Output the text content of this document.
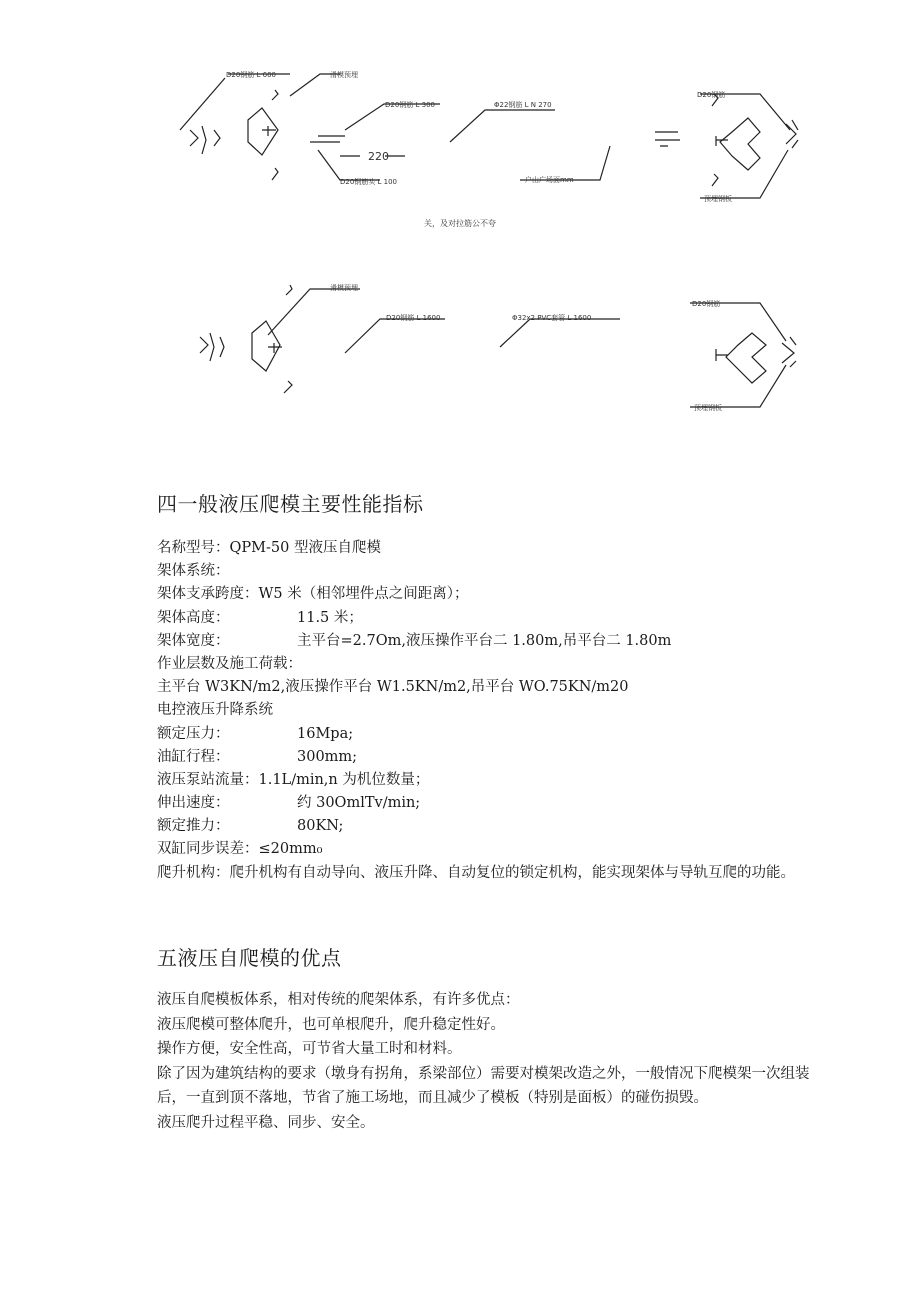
D20钢筋 L 600	滑模预埋
D20钢筋 L 300	Φ22钢筋 L N 270
D20钢筋
D20钢筋头 L 100
220
户山广场面mm
预埋钢板
关，及对拉筋公不夸
滑模预埋
D20钢筋 L 1600	Φ32x2 PVC套管 L 1600
D20钢筋
预埋钢板
四一般液压爬模主要性能指标
名称型号：QPM-50 型液压自爬模
架体系统：
架体支承跨度：W5 米（相邻埋件点之间距离）；
架体高度：	11.5 米；
架体宽度：	主平台=2.7Om,液压操作平台二 1.80m,吊平台二 1.80m
作业层数及施工荷载：
主平台 W3KN/m2,液压操作平台 W1.5KN/m2,吊平台 WO.75KN∕m20
电控液压升降系统
额定压力：	16Mpa;
油缸行程：	300mm;
液压泵站流量：1.1L∕min,n 为机位数量；
伸出速度：	约 30OmlTv∕min;
额定推力：	80KN;
双缸同步误差：≤20mm₀
爬升机构：爬升机构有自动导向、液压升降、自动复位的锁定机构，能实现架体与导轨互爬的功能。
五液压自爬模的优点
液压自爬模板体系，相对传统的爬架体系，有许多优点：
液压爬模可整体爬升，也可单根爬升，爬升稳定性好。
操作方便，安全性高，可节省大量工时和材料。
除了因为建筑结构的要求（墩身有拐角，系梁部位）需要对模架改造之外，一般情况下爬模架一次组装后，一直到顶不落地，节省了施工场地，而且减少了模板（特别是面板）的碰伤损毁。
液压爬升过程平稳、同步、安全。
